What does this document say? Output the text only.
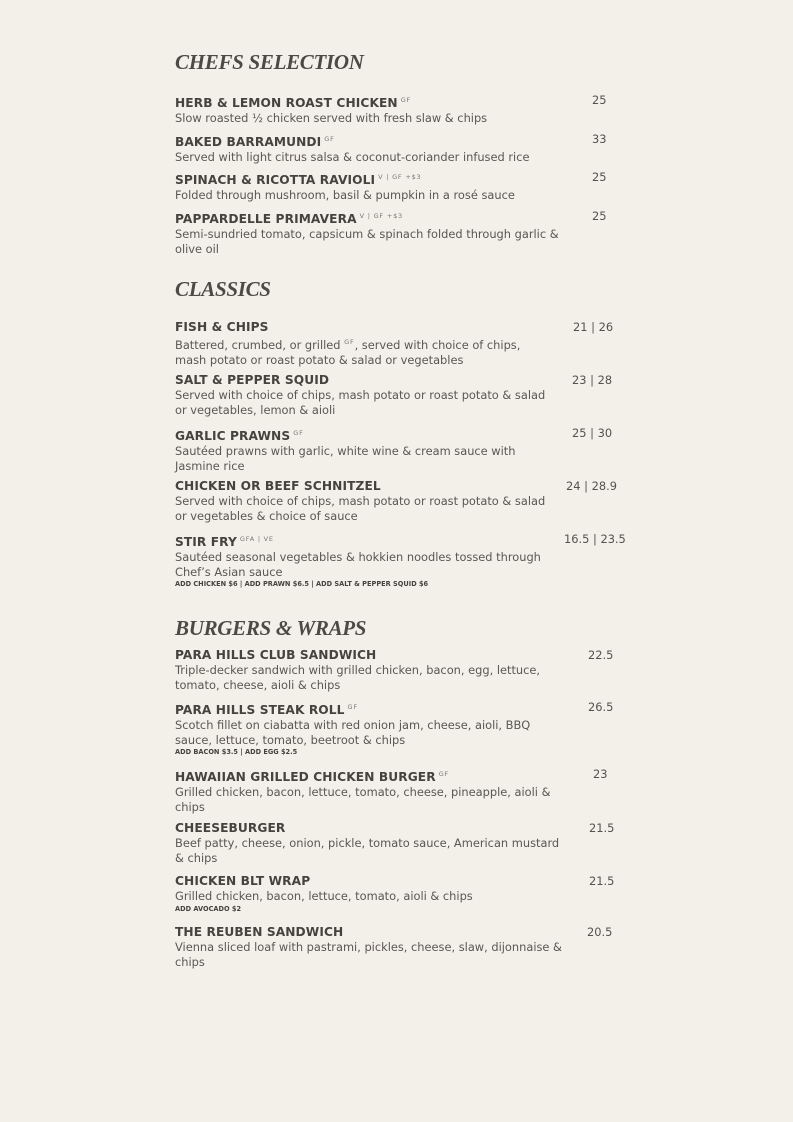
CHEFS SELECTION
HERB & LEMON ROAST CHICKEN $^{GF}$
Slow roasted ½ chicken served with fresh slaw & chips
25
BAKED BARRAMUNDI $^{GF}$
Served with light citrus salsa & coconut-coriander infused rice
33
SPINACH & RICOTTA RAVIOLI $^{V | GF +\$3}$
Folded through mushroom, basil & pumpkin in a rosé sauce
25
PAPPARDELLE PRIMAVERA $^{V | GF +\$3}$
Semi-sundried tomato, capsicum & spinach folded through garlic &
olive oil
25
CLASSICS
FISH & CHIPS
Battered, crumbed, or grilled $^{GF}$, served with choice of chips,
mash potato or roast potato & salad or vegetables
21 | 26
SALT & PEPPER SQUID
Served with choice of chips, mash potato or roast potato & salad
or vegetables, lemon & aioli
23 | 28
GARLIC PRAWNS $^{GF}$
Sautéed prawns with garlic, white wine & cream sauce with
Jasmine rice
25 | 30
CHICKEN OR BEEF SCHNITZEL
Served with choice of chips, mash potato or roast potato & salad
or vegetables & choice of sauce
24 | 28.9
STIR FRY $^{GFA | VE}$
Sautéed seasonal vegetables & hokkien noodles tossed through
Chef’s Asian sauce
ADD CHICKEN $6 | ADD PRAWN $6.5 | ADD SALT & PEPPER SQUID $6
16.5 | 23.5
BURGERS & WRAPS
PARA HILLS CLUB SANDWICH
Triple-decker sandwich with grilled chicken, bacon, egg, lettuce,
tomato, cheese, aioli & chips
22.5
PARA HILLS STEAK ROLL $^{GF}$
Scotch fillet on ciabatta with red onion jam, cheese, aioli, BBQ
sauce, lettuce, tomato, beetroot & chips
ADD BACON $3.5 | ADD EGG $2.5
26.5
HAWAIIAN GRILLED CHICKEN BURGER $^{GF}$
Grilled chicken, bacon, lettuce, tomato, cheese, pineapple, aioli &
chips
23
CHEESEBURGER
Beef patty, cheese, onion, pickle, tomato sauce, American mustard
& chips
21.5
CHICKEN BLT WRAP
Grilled chicken, bacon, lettuce, tomato, aioli & chips
ADD AVOCADO $2
21.5
THE REUBEN SANDWICH
Vienna sliced loaf with pastrami, pickles, cheese, slaw, dijonnaise &
chips
20.5
